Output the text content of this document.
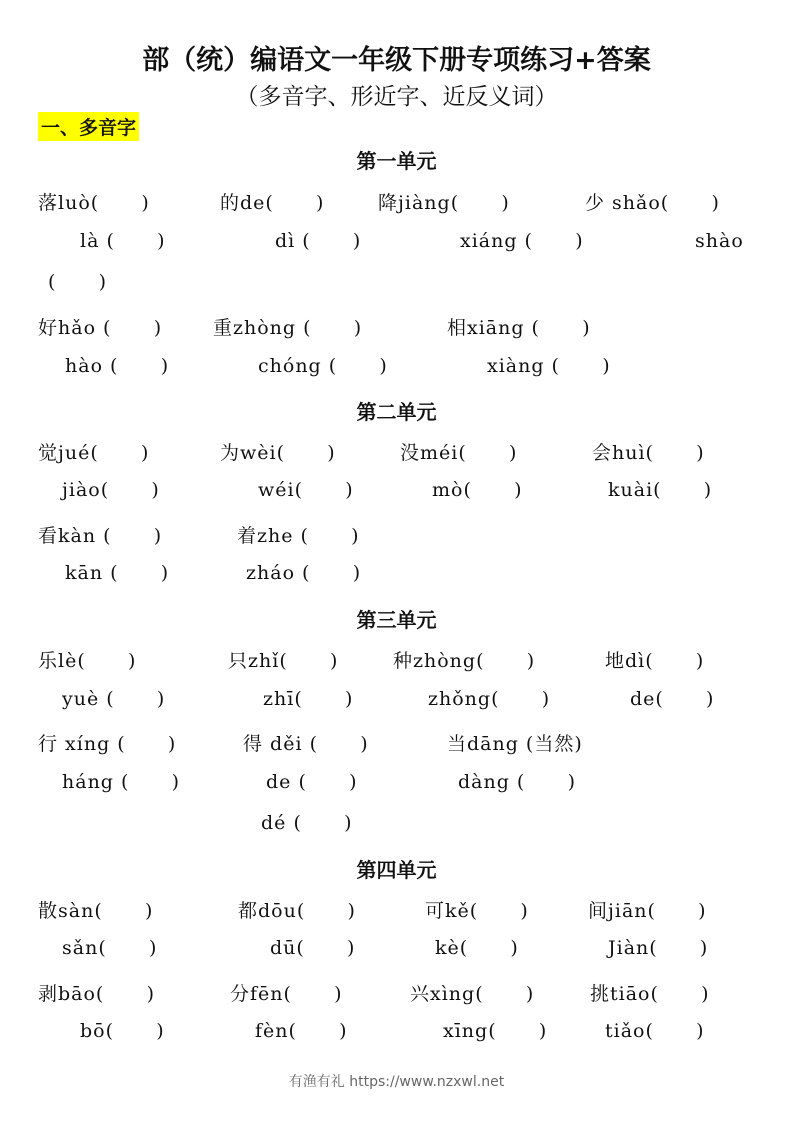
部（统）编语文一年级下册专项练习+答案
（多音字、形近字、近反义词）
一、多音字
第一单元
落luò(      )	的de(      )	降jiàng(      )	少 shǎo(      )
là (      )	dì (      )	xiáng (      )	shào
(      )
好hǎo (      )	重zhòng (      )	相xiāng (      )
hào (      )	chóng (      )	xiàng (      )
第二单元
觉jué(      )	为wèi(      )	没méi(      )	会huì(      )
jiào(      )	wéi(      )	mò(      )	kuài(      )
看kàn (      )	着zhe (      )
kān (      )	zháo (      )
第三单元
乐lè(      )	只zhǐ(      )	种zhòng(      )	地dì(      )
yuè (      )	zhī(      )	zhǒng(      )	de(      )
行 xíng (      )	得 děi (      )	当dāng (当然)
háng (      )	de (      )	dàng (      )
dé (      )
第四单元
散sàn(      )	都dōu(      )	可kě(      )	间jiān(      )
sǎn(      )	dū(      )	kè(      )	Jiàn(      )
剥bāo(      )	分fēn(      )	兴xìng(      )	挑tiāo(      )
bō(      )	fèn(      )	xīng(      )	tiǎo(      )
有渔有礼 https://www.nzxwl.net
